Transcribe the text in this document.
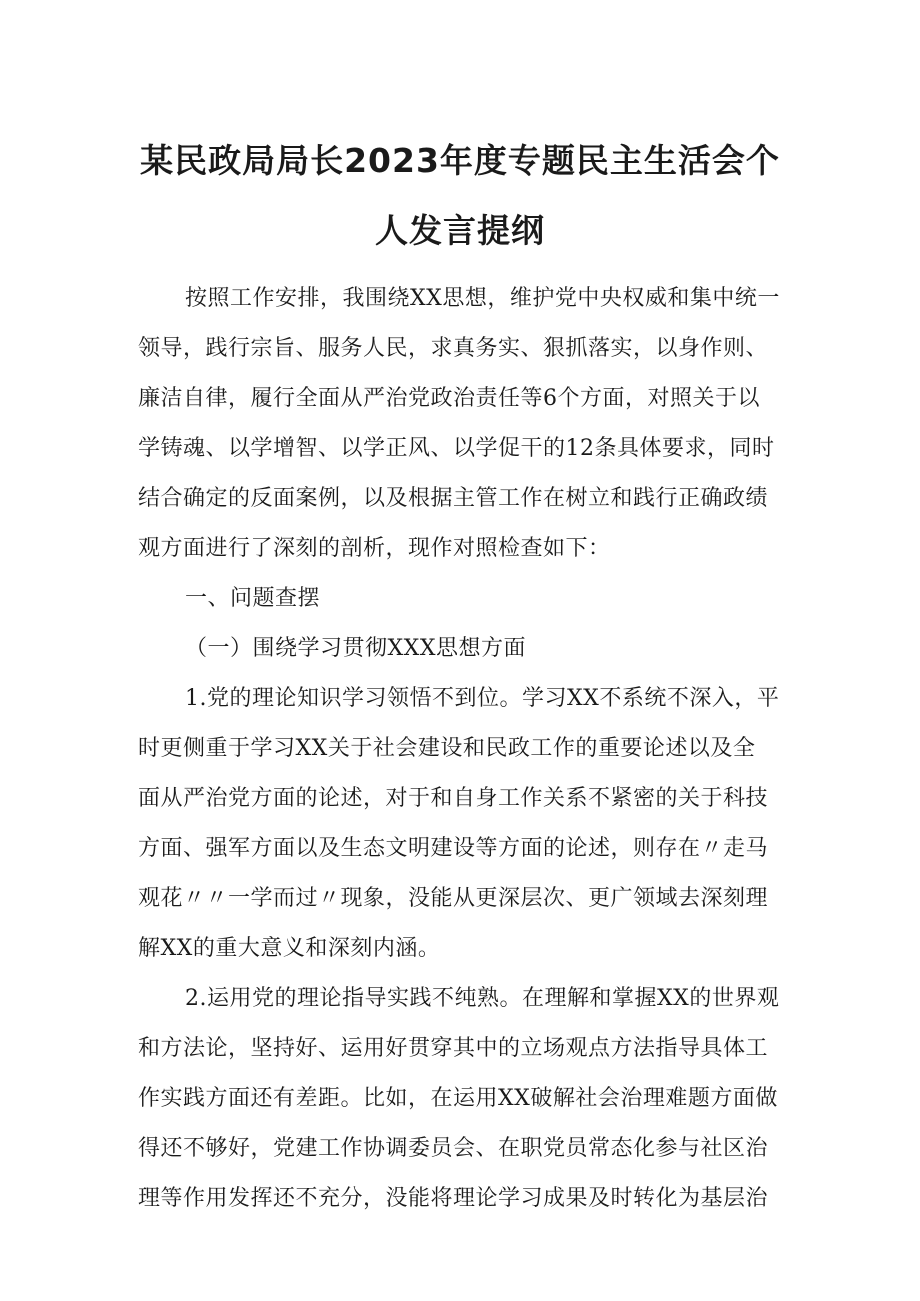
某民政局局长2023年度专题民主生活会个
人发言提纲
按照工作安排，我围绕XX思想，维护党中央权威和集中统一
领导，践行宗旨、服务人民，求真务实、狠抓落实，以身作则、
廉洁自律，履行全面从严治党政治责任等6个方面，对照关于以
学铸魂、以学增智、以学正风、以学促干的12条具体要求，同时
结合确定的反面案例，以及根据主管工作在树立和践行正确政绩
观方面进行了深刻的剖析，现作对照检查如下：
一、问题查摆
（一）围绕学习贯彻XXX思想方面
1.党的理论知识学习领悟不到位。学习XX不系统不深入，平
时更侧重于学习XX关于社会建设和民政工作的重要论述以及全
面从严治党方面的论述，对于和自身工作关系不紧密的关于科技
方面、强军方面以及生态文明建设等方面的论述，则存在〃走马
观花〃〃一学而过〃现象，没能从更深层次、更广领域去深刻理
解XX的重大意义和深刻内涵。
2.运用党的理论指导实践不纯熟。在理解和掌握XX的世界观
和方法论，坚持好、运用好贯穿其中的立场观点方法指导具体工
作实践方面还有差距。比如，在运用XX破解社会治理难题方面做
得还不够好，党建工作协调委员会、在职党员常态化参与社区治
理等作用发挥还不充分，没能将理论学习成果及时转化为基层治
